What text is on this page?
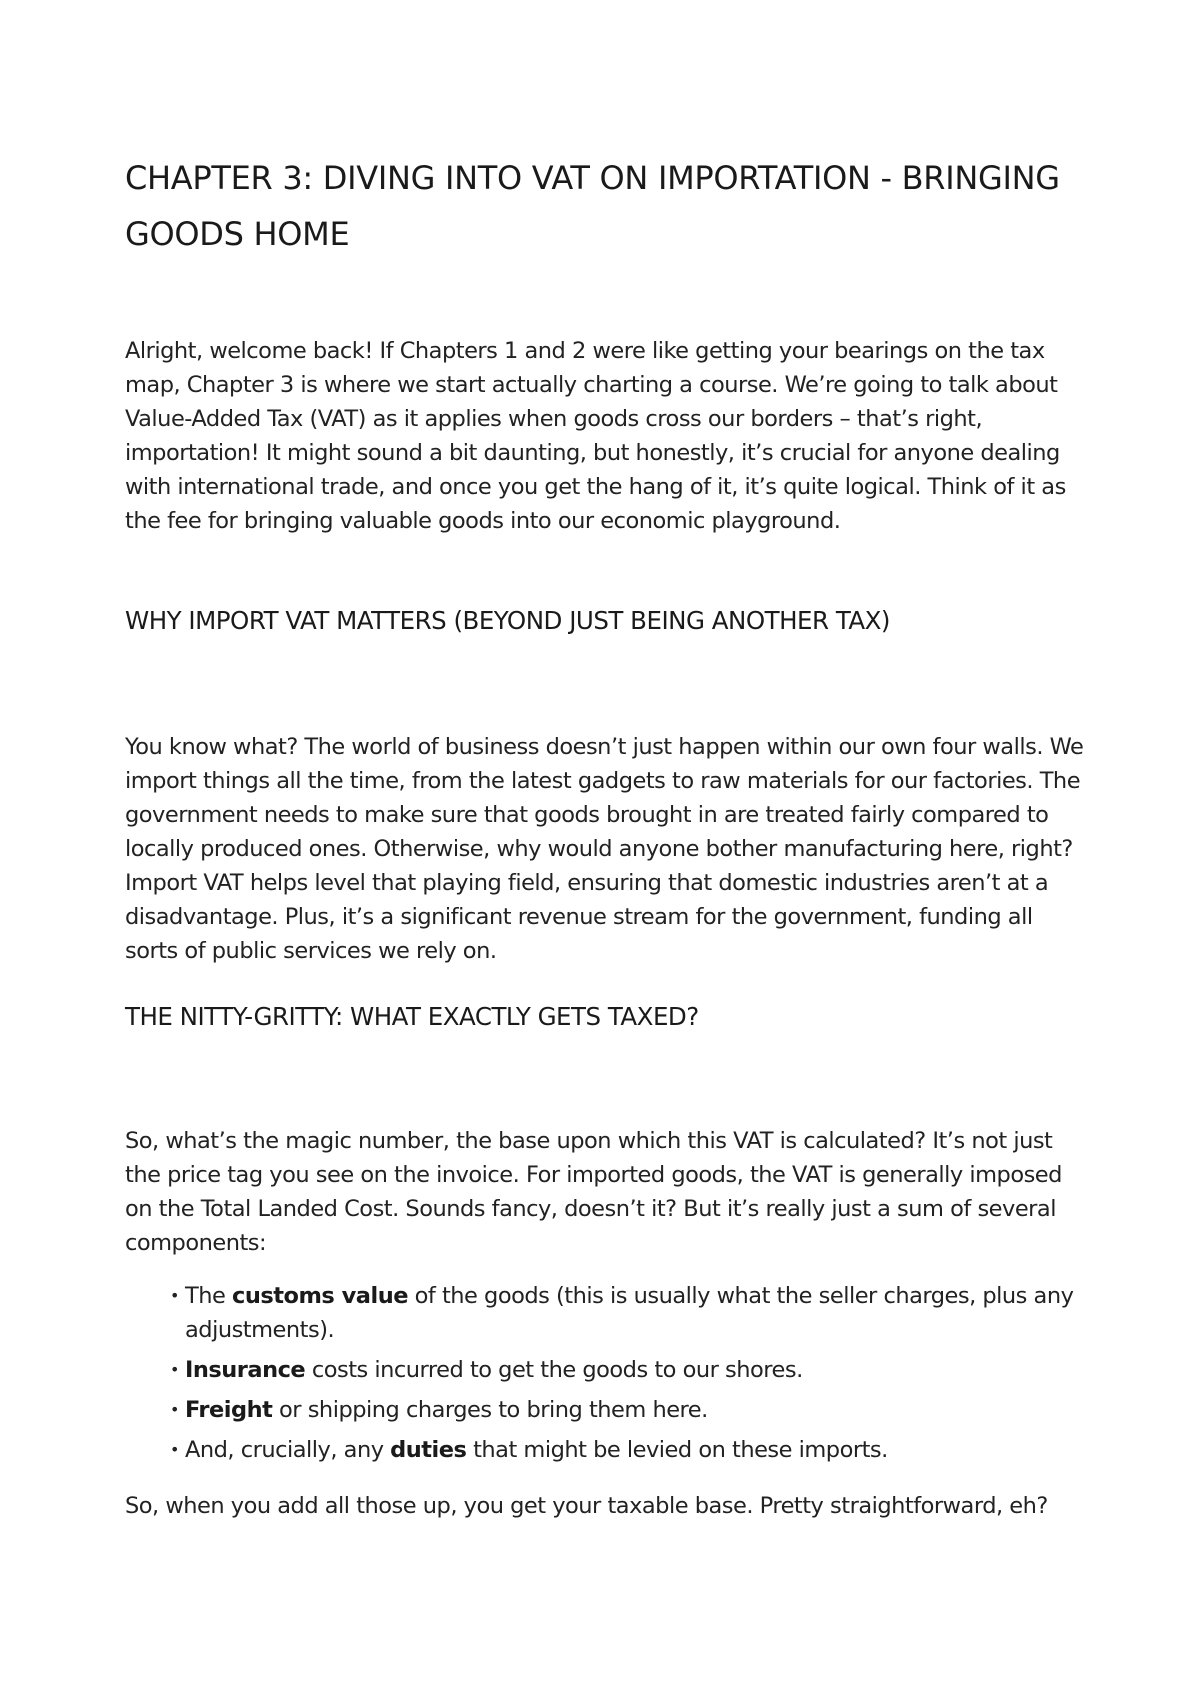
CHAPTER 3: DIVING INTO VAT ON IMPORTATION - BRINGING GOODS HOME

Alright, welcome back! If Chapters 1 and 2 were like getting your bearings on the tax map, Chapter 3 is where we start actually charting a course. We’re going to talk about Value-Added Tax (VAT) as it applies when goods cross our borders – that’s right, importation! It might sound a bit daunting, but honestly, it’s crucial for anyone dealing with international trade, and once you get the hang of it, it’s quite logical. Think of it as the fee for bringing valuable goods into our economic playground.

WHY IMPORT VAT MATTERS (BEYOND JUST BEING ANOTHER TAX)

You know what? The world of business doesn’t just happen within our own four walls. We import things all the time, from the latest gadgets to raw materials for our factories. The government needs to make sure that goods brought in are treated fairly compared to locally produced ones. Otherwise, why would anyone bother manufacturing here, right? Import VAT helps level that playing field, ensuring that domestic industries aren’t at a disadvantage. Plus, it’s a significant revenue stream for the government, funding all sorts of public services we rely on.

THE NITTY-GRITTY: WHAT EXACTLY GETS TAXED?

So, what’s the magic number, the base upon which this VAT is calculated? It’s not just the price tag you see on the invoice. For imported goods, the VAT is generally imposed on the Total Landed Cost. Sounds fancy, doesn’t it? But it’s really just a sum of several components:

• The customs value of the goods (this is usually what the seller charges, plus any adjustments).
• Insurance costs incurred to get the goods to our shores.
• Freight or shipping charges to bring them here.
• And, crucially, any duties that might be levied on these imports.

So, when you add all those up, you get your taxable base. Pretty straightforward, eh?
